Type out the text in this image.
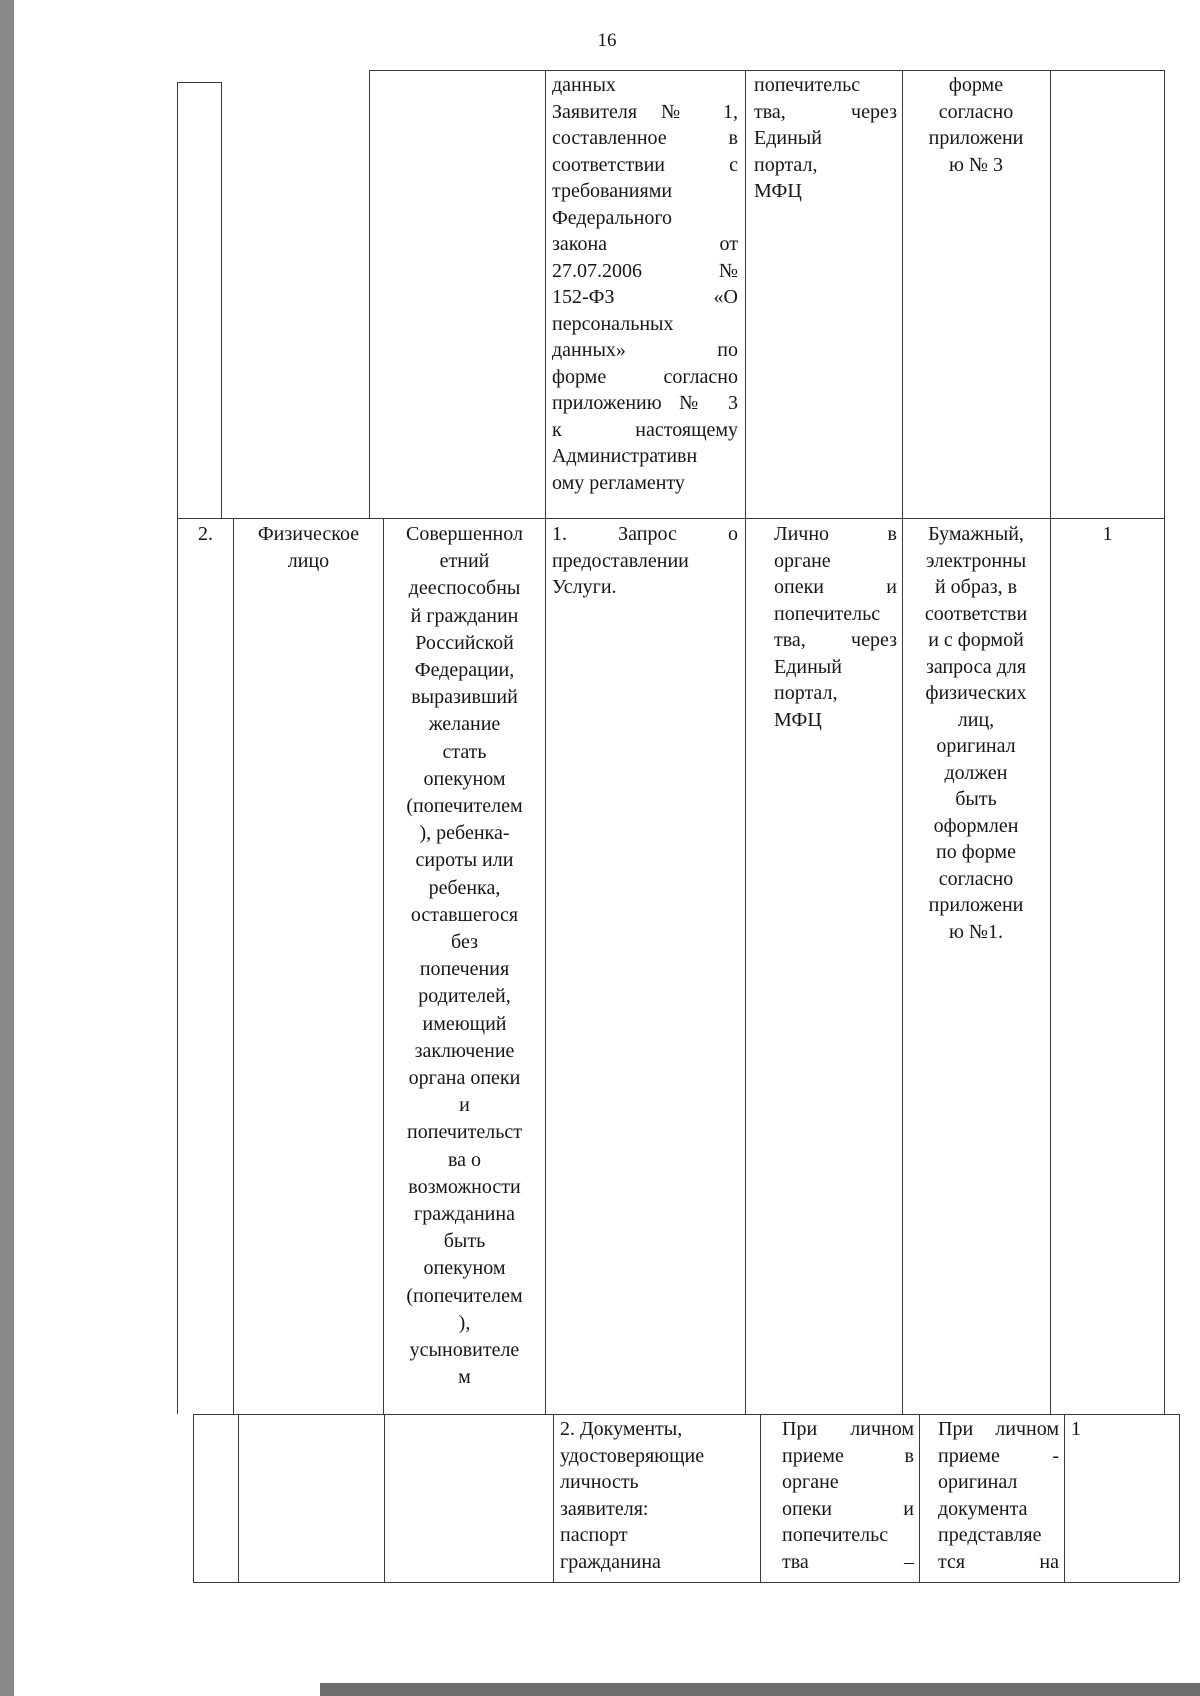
16
данных
Заявителя № 1,
составленное в
соответствии с
требованиями
Федерального
закона от
27.07.2006 №
152-ФЗ «О
персональных
данных» по
форме согласно
приложению № 3
к настоящему
Административн
ому регламенту
попечительс
тва, через
Единый
портал,
МФЦ
форме
согласно
приложени
ю № 3
2.	Физическое
лицо
Совершеннол
етний
дееспособны
й гражданин
Российской
Федерации,
выразивший
желание
стать
опекуном
(попечителем
), ребенка-
сироты или
ребенка,
оставшегося
без
попечения
родителей,
имеющий
заключение
органа опеки
и
попечительст
ва о
возможности
гражданина
быть
опекуном
(попечителем
),
усыновителе
м
1. Запрос о
предоставлении
Услуги.
Лично в
органе
опеки и
попечительс
тва, через
Единый
портал,
МФЦ
Бумажный,
электронны
й образ, в
соответстви
и с формой
запроса для
физических
лиц,
оригинал
должен
быть
оформлен
по форме
согласно
приложени
ю №1.
1
2. Документы,
удостоверяющие
личность
заявителя:
паспорт
гражданина
При личном
приеме в
органе
опеки и
попечительс
тва –
При личном
приеме -
оригинал
документа
представляе
тся на
1
